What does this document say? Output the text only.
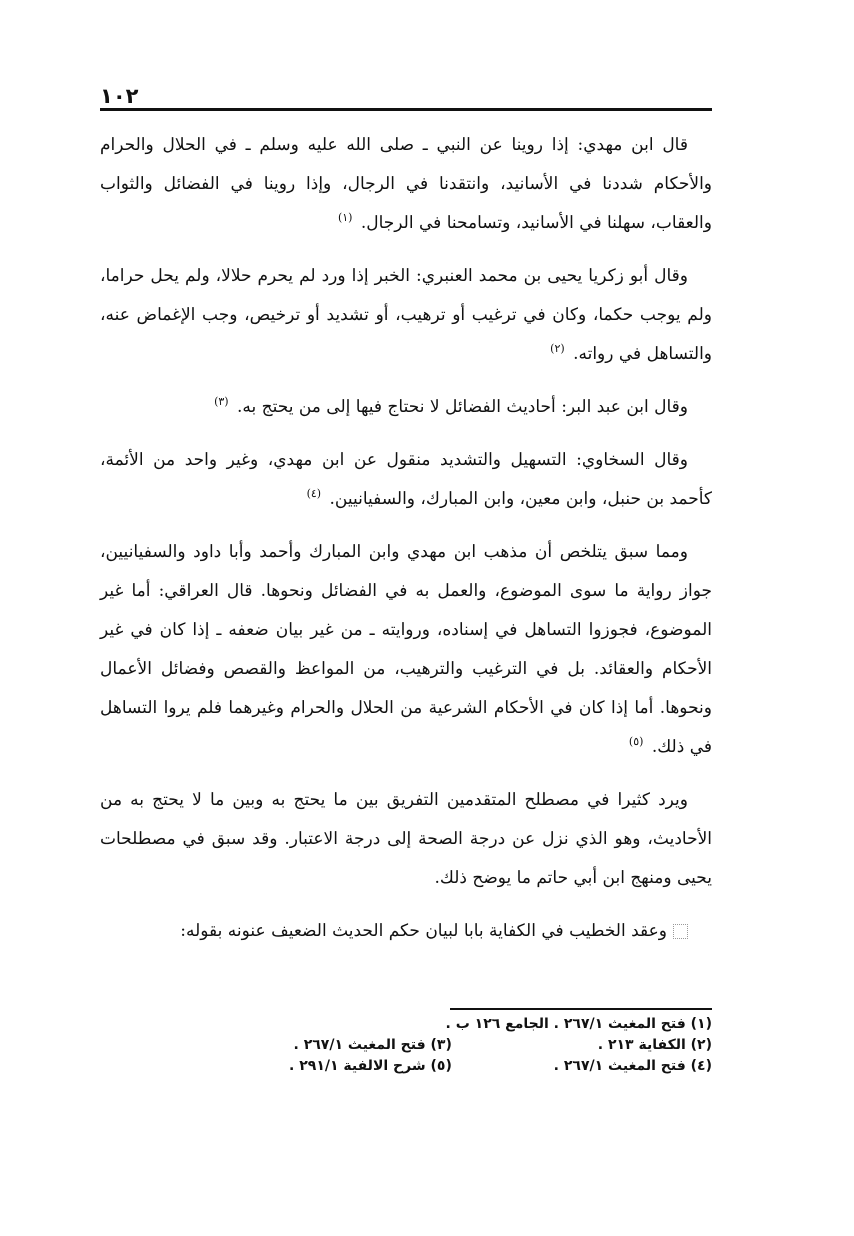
١٠٢

قال ابن مهدي: إذا روينا عن النبي ـ صلى الله عليه وسلم ـ في الحلال والحرام والأحكام شددنا في الأسانيد، وانتقدنا في الرجال، وإذا روينا في الفضائل والثواب والعقاب، سهلنا في الأسانيد، وتسامحنا في الرجال. $^{(١)}$

وقال أبو زكريا يحيى بن محمد العنبري: الخبر إذا ورد لم يحرم حلالا، ولم يحل حراما، ولم يوجب حكما، وكان في ترغيب أو ترهيب، أو تشديد أو ترخيص، وجب الإغماض عنه، والتساهل في رواته. $^{(٢)}$

وقال ابن عبد البر: أحاديث الفضائل لا نحتاج فيها إلى من يحتج به. $^{(٣)}$

وقال السخاوي: التسهيل والتشديد منقول عن ابن مهدي، وغير واحد من الأئمة، كأحمد بن حنبل، وابن معين، وابن المبارك، والسفيانيين. $^{(٤)}$

ومما سبق يتلخص أن مذهب ابن مهدي وابن المبارك وأحمد وأبا داود والسفيانيين، جواز رواية ما سوى الموضوع، والعمل به في الفضائل ونحوها. قال العراقي: أما غير الموضوع، فجوزوا التساهل في إسناده، وروايته ـ من غير بيان ضعفه ـ إذا كان في غير الأحكام والعقائد. بل في الترغيب والترهيب، من المواعظ والقصص وفضائل الأعمال ونحوها. أما إذا كان في الأحكام الشرعية من الحلال والحرام وغيرهما فلم يروا التساهل في ذلك. $^{(٥)}$

ويرد كثيرا في مصطلح المتقدمين التفريق بين ما يحتج به وبين ما لا يحتج به من الأحاديث، وهو الذي نزل عن درجة الصحة إلى درجة الاعتبار. وقد سبق في مصطلحات يحيى ومنهج ابن أبي حاتم ما يوضح ذلك.

وعقد الخطيب في الكفاية بابا لبيان حكم الحديث الضعيف عنونه بقوله:

(١) فتح المغيث ٢٦٧/١ . الجامع ١٢٦ ب .
(٢) الكفاية ٢١٣ .
(٣) فتح المغيث ٢٦٧/١ .
(٤) فتح المغيث ٢٦٧/١ .
(٥) شرح الالفية ٢٩١/١ .
